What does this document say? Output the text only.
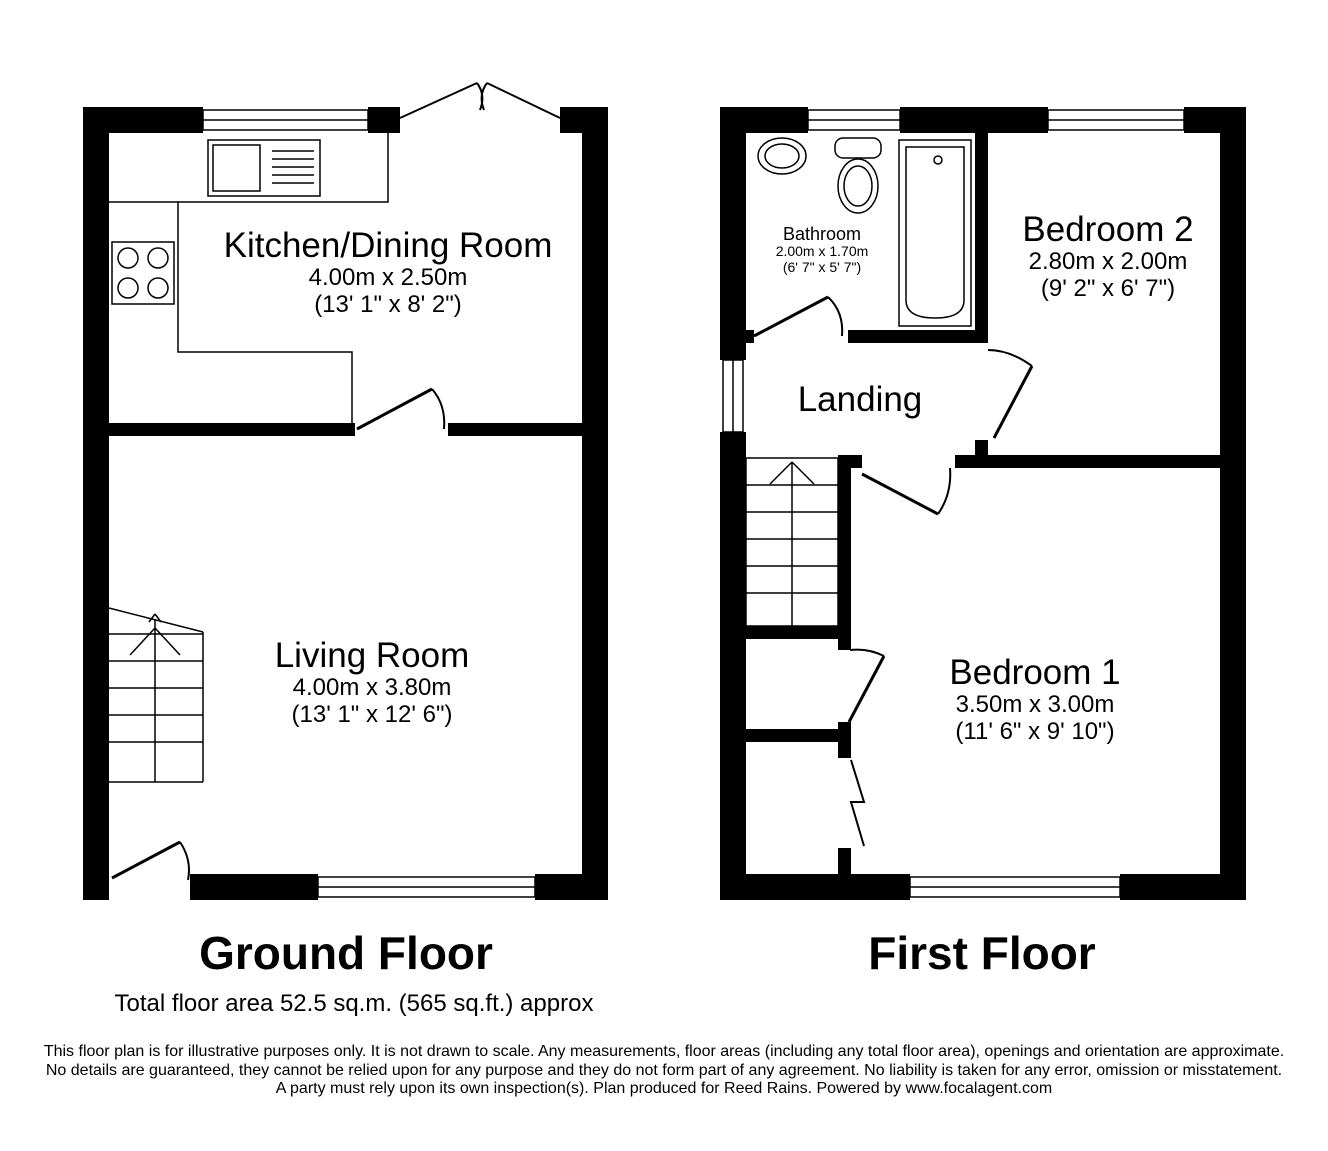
Kitchen/Dining Room
4.00m x 2.50m
(13' 1" x 8' 2")
Living Room
4.00m x 3.80m
(13' 1" x 12' 6")
Bathroom
2.00m x 1.70m
(6' 7" x 5' 7")
Bedroom 2
2.80m x 2.00m
(9' 2" x 6' 7")
Landing
Bedroom 1
3.50m x 3.00m
(11' 6" x 9' 10")
Ground Floor	First Floor
Total floor area 52.5 sq.m. (565 sq.ft.) approx
This floor plan is for illustrative purposes only. It is not drawn to scale. Any measurements, floor areas (including any total floor area), openings and orientation are approximate. No details are guaranteed, they cannot be relied upon for any purpose and they do not form part of any agreement. No liability is taken for any error, omission or misstatement. A party must rely upon its own inspection(s). Plan produced for Reed Rains. Powered by www.focalagent.com
